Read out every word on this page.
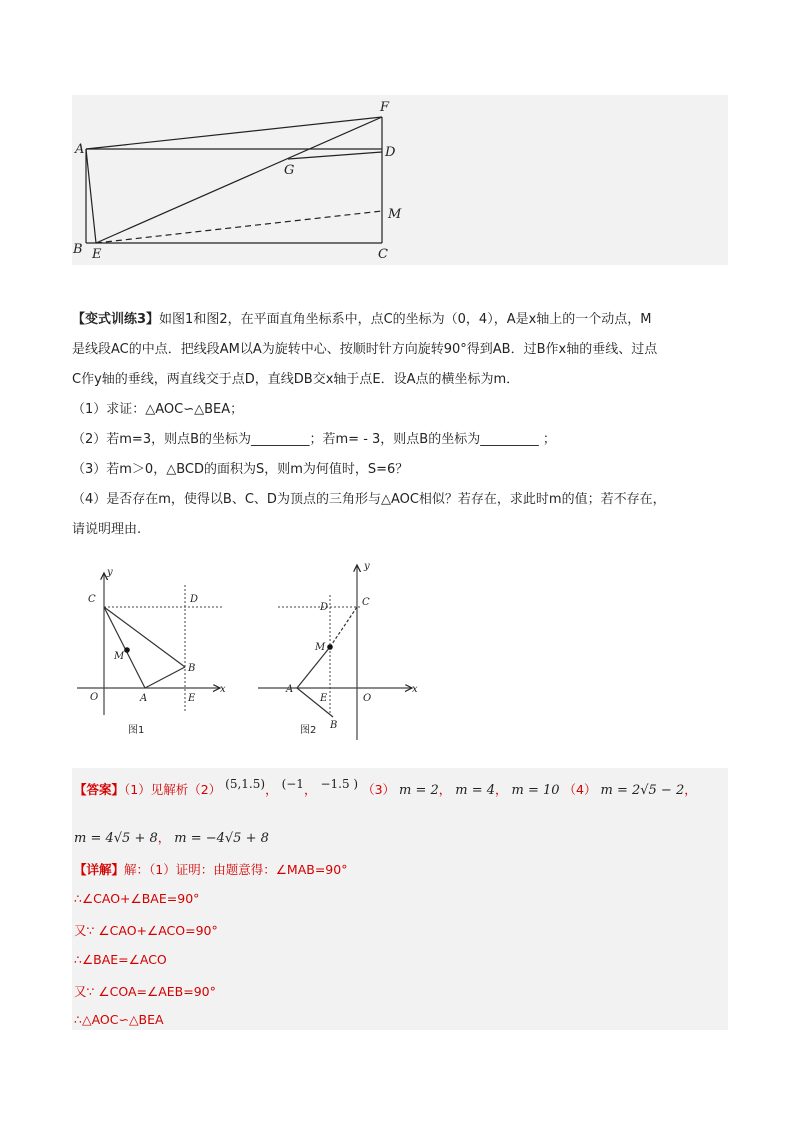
A
B E	C
F
D
G
M

【变式训练3】如图1和图2，在平面直角坐标系中，点C的坐标为（0，4），A是x轴上的一个动点，M

是线段AC的中点．把线段AM以A为旋转中心、按顺时针方向旋转90°得到AB．过B作x轴的垂线、过点

C作y轴的垂线，两直线交于点D，直线DB交x轴于点E．设A点的横坐标为m．

（1）求证：△AOC∽△BEA；

（2）若m=3，则点B的坐标为_________；若m= - 3，则点B的坐标为_________ ；

（3）若m＞0，△BCD的面积为S，则m为何值时，S=6？

（4）是否存在m，使得以B、C、D为顶点的三角形与△AOC相似？若存在，求此时m的值；若不存在，

请说明理由.

y
C	D
M
B
O	A	E
x
图1
y
D	C
M
A
E	O
x
B
图2
【答案】（1）见解析（2） (5,1.5)， (−1， −1.5 ) （3） m = 2， m = 4， m = 10 （4） m = 2√5 − 2，
m = 4√5 + 8， m = −4√5 + 8
【详解】解：（1）证明：由题意得：∠MAB=90°
∴∠CAO+∠BAE=90°
又∵ ∠CAO+∠ACO=90°
∴∠BAE=∠ACO
又∵ ∠COA=∠AEB=90°
∴△AOC∽△BEA
